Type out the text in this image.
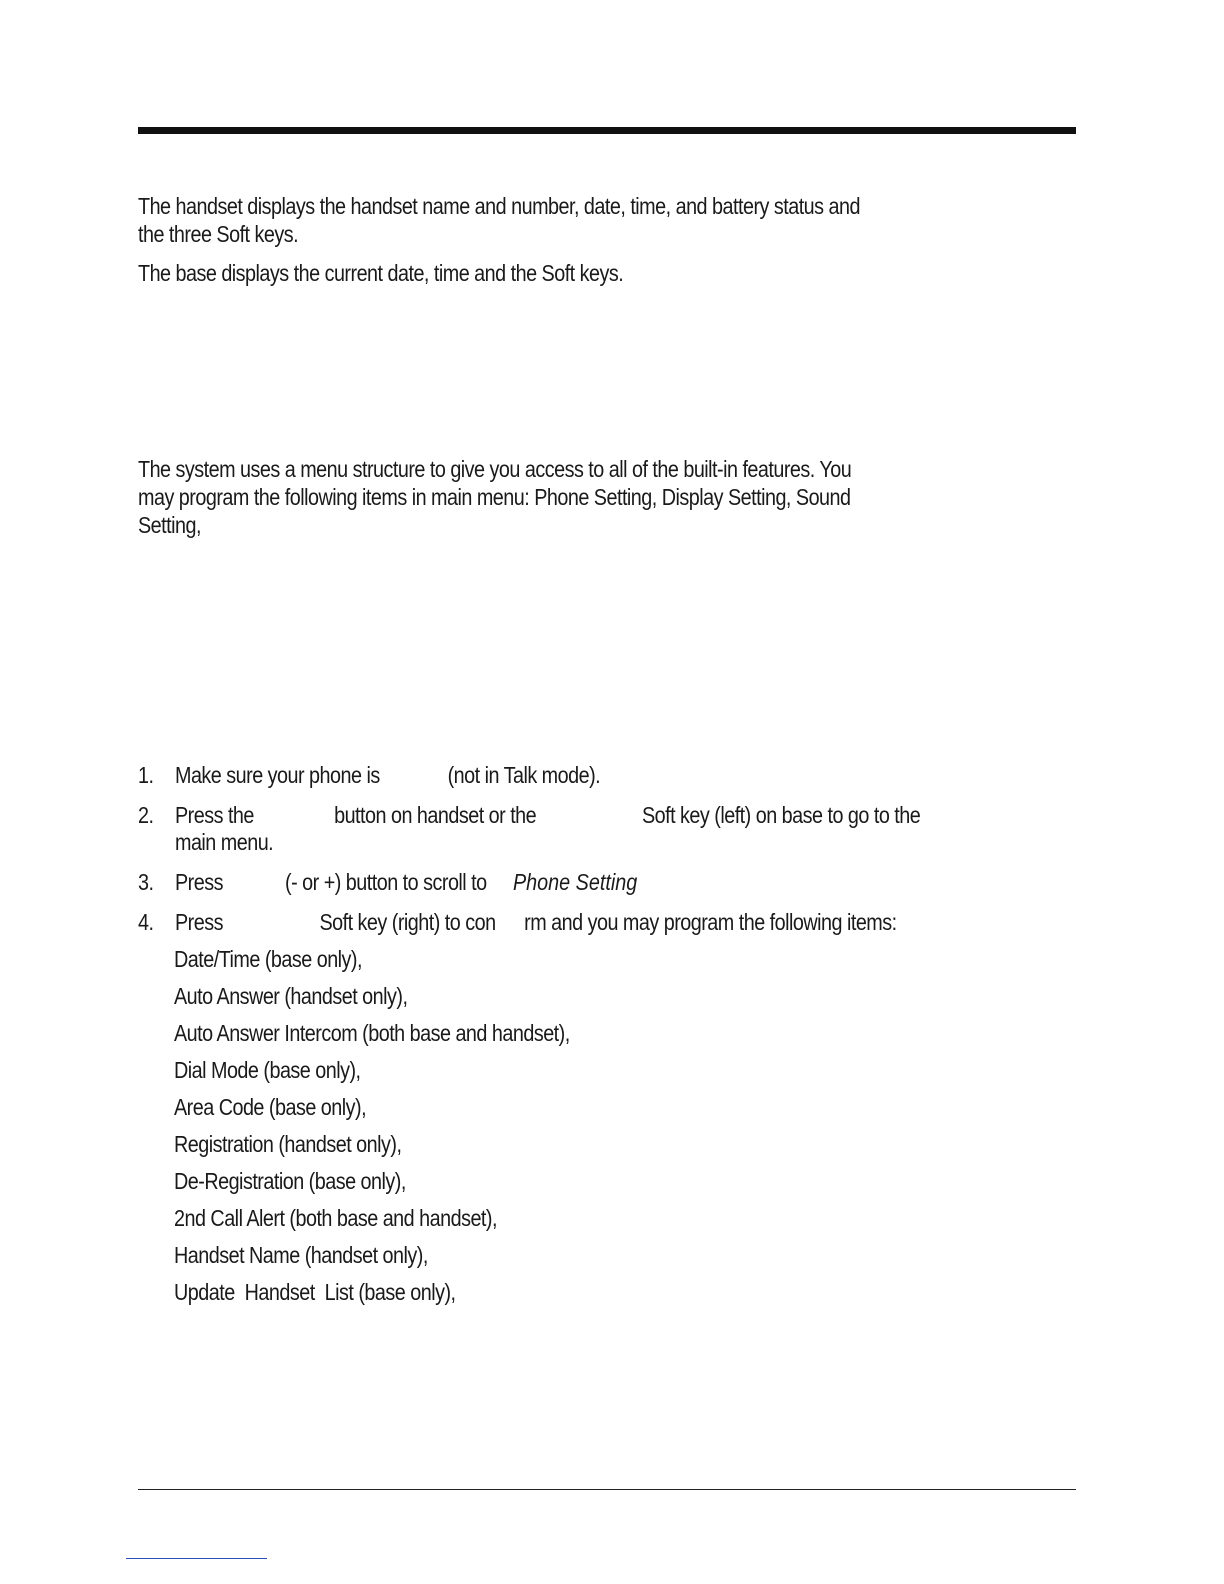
The handset displays the handset name and number, date, time, and battery status and
the three Soft keys.

The base displays the current date, time and the Soft keys.

The system uses a menu structure to give you access to all of the built-in features. You
may program the following items in main menu: Phone Setting, Display Setting, Sound
Setting,

1. Make sure your phone is	(not in Talk mode).
2. Press the	button on handset or the	Soft key (left) on base to go to the
main menu.
3. Press	(- or +) button to scroll to Phone Setting
4. Press	Soft key (right) to con rm and you may program the following items:
Date/Time (base only),
Auto Answer (handset only),
Auto Answer Intercom (both base and handset),
Dial Mode (base only),
Area Code (base only),
Registration (handset only),
De-Registration (base only),
2nd Call Alert (both base and handset),
Handset Name (handset only),
Update  Handset  List (base only),
